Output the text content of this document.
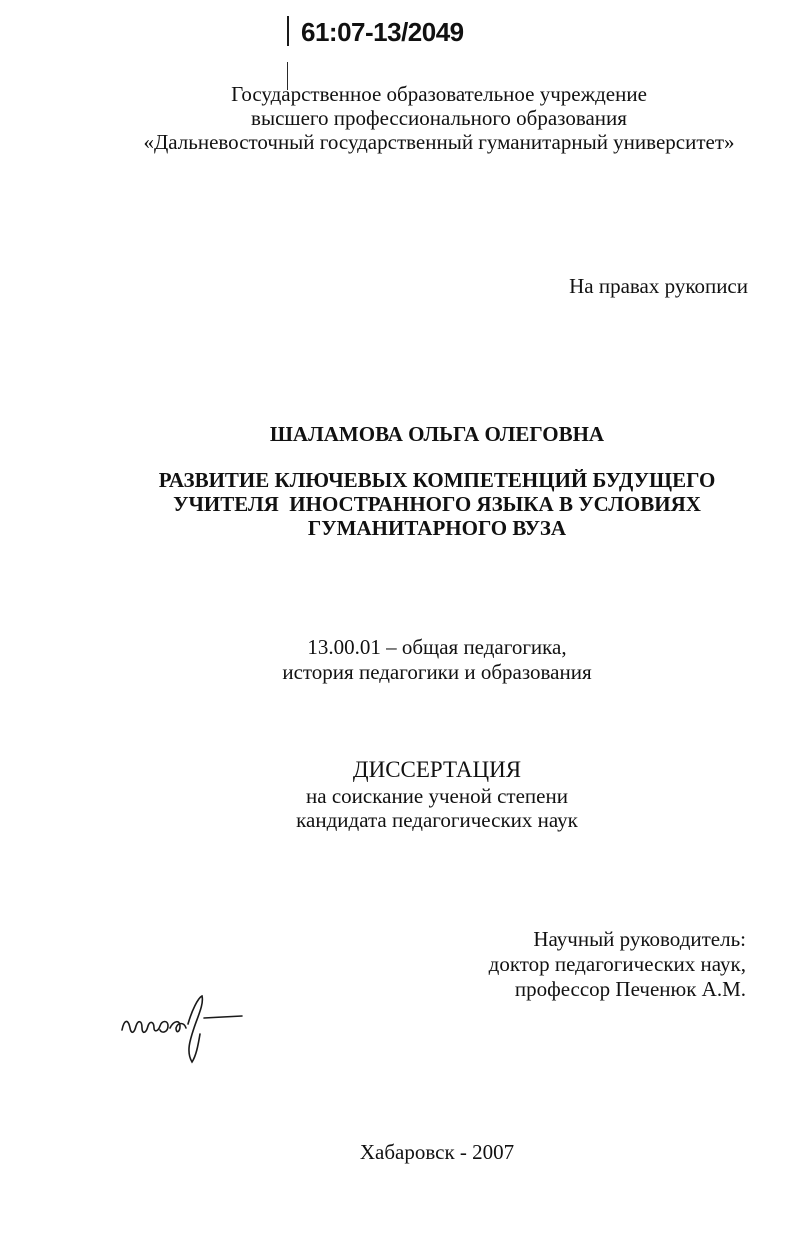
61:07-13/2049
Государственное образовательное учреждение
высшего профессионального образования
«Дальневосточный государственный гуманитарный университет»
На правах рукописи
ШАЛАМОВА ОЛЬГА ОЛЕГОВНА
РАЗВИТИЕ КЛЮЧЕВЫХ КОМПЕТЕНЦИЙ БУДУЩЕГО
УЧИТЕЛЯ  ИНОСТРАННОГО ЯЗЫКА В УСЛОВИЯХ
ГУМАНИТАРНОГО ВУЗА
13.00.01 – общая педагогика,
история педагогики и образования
ДИССЕРТАЦИЯ
на соискание ученой степени
кандидата педагогических наук
Научный руководитель:
доктор педагогических наук,
профессор Печенюк А.М.
Хабаровск - 2007
